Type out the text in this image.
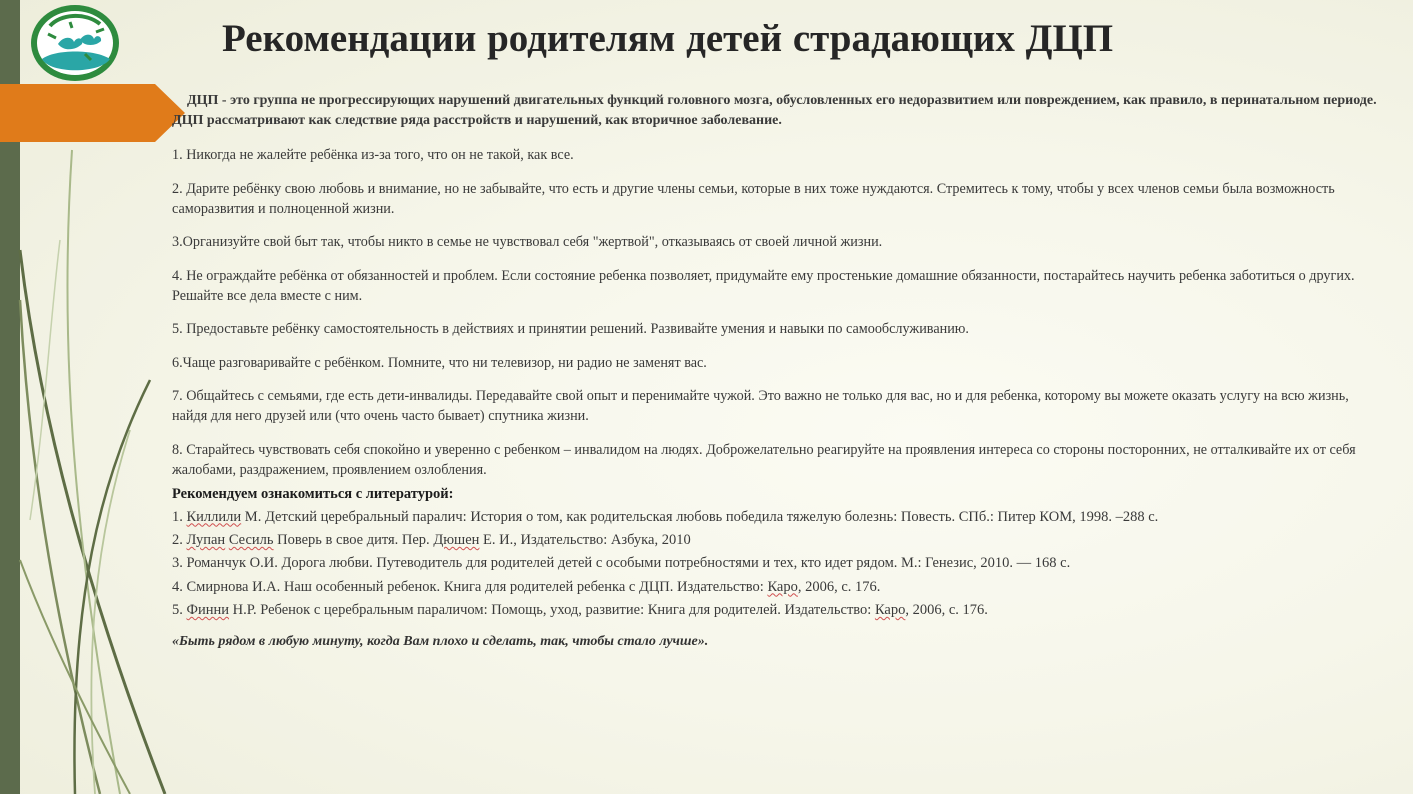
Рекомендации родителям детей страдающих ДЦП

ДЦП - это группа не прогрессирующих нарушений двигательных функций головного мозга, обусловленных его недоразвитием или повреждением, как правило, в перинатальном периоде. ДЦП рассматривают как следствие ряда расстройств и нарушений, как вторичное заболевание.

1. Никогда не жалейте ребёнка из-за того, что он не такой, как все.

2. Дарите ребёнку свою любовь и внимание, но не забывайте, что есть и другие члены семьи, которые в них тоже нуждаются. Стремитесь к тому, чтобы у всех членов семьи была возможность саморазвития и полноценной жизни.

3.Организуйте свой быт так, чтобы никто в семье не чувствовал себя "жертвой", отказываясь от своей личной жизни.

4. Не ограждайте ребёнка от обязанностей и проблем. Если состояние ребенка позволяет, придумайте ему простенькие домашние обязанности, постарайтесь научить ребенка заботиться о других. Решайте все дела вместе с ним.

5. Предоставьте ребёнку самостоятельность в действиях и принятии решений. Развивайте умения и навыки по самообслуживанию.

6.Чаще разговаривайте с ребёнком. Помните, что ни телевизор, ни радио не заменят вас.

7. Общайтесь с семьями, где есть дети-инвалиды. Передавайте свой опыт и перенимайте чужой. Это важно не только для вас, но и для ребенка, которому вы можете оказать услугу на всю жизнь, найдя для него друзей или (что очень часто бывает) спутника жизни.

8. Старайтесь чувствовать себя спокойно и уверенно с ребенком – инвалидом на людях. Доброжелательно реагируйте на проявления интереса со стороны посторонних, не отталкивайте их от себя жалобами, раздражением, проявлением озлобления.

Рекомендуем ознакомиться с литературой:

1. Киллили М. Детский церебральный паралич: История о том, как родительская любовь победила тяжелую болезнь: Повесть. СПб.: Питер КОМ, 1998. –288 с.

2. Лупан Сесиль Поверь в свое дитя. Пер. Дюшен Е. И., Издательство: Азбука, 2010

3. Романчук О.И. Дорога любви. Путеводитель для родителей детей с особыми потребностями и тех, кто идет рядом. М.: Генезис, 2010. — 168 с.

4. Смирнова И.А. Наш особенный ребенок. Книга для родителей ребенка с ДЦП. Издательство: Каро, 2006, с. 176.

5. Финни Н.Р. Ребенок с церебральным параличом: Помощь, уход, развитие: Книга для родителей. Издательство: Каро, 2006, с. 176.

«Быть рядом в любую минуту, когда Вам плохо и сделать, так, чтобы стало лучше».
